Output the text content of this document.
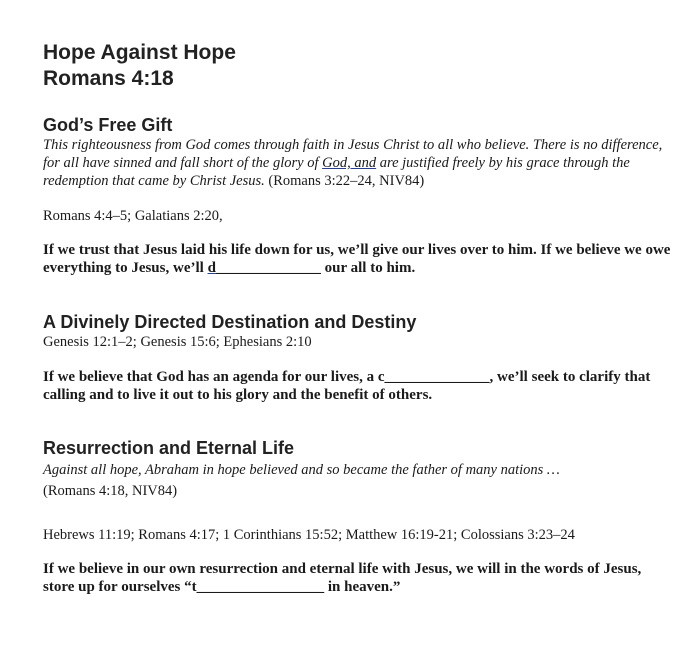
Hope Against Hope

Romans 4:18

God’s Free Gift

This righteousness from God comes through faith in Jesus Christ to all who believe. There is no difference, for all have sinned and fall short of the glory of God, and are justified freely by his grace through the redemption that came by Christ Jesus. (Romans 3:22–24, NIV84)

Romans 4:4–5; Galatians 2:20,

If we trust that Jesus laid his life down for us, we’ll give our lives over to him. If we believe we owe everything to Jesus, we’ll d______________ our all to him.

A Divinely Directed Destination and Destiny

Genesis 12:1–2; Genesis 15:6; Ephesians 2:10

If we believe that God has an agenda for our lives, a c______________, we’ll seek to clarify that calling and to live it out to his glory and the benefit of others.

Resurrection and Eternal Life

Against all hope, Abraham in hope believed and so became the father of many nations …

(Romans 4:18, NIV84)

Hebrews 11:19; Romans 4:17; 1 Corinthians 15:52; Matthew 16:19-21; Colossians 3:23–24

If we believe in our own resurrection and eternal life with Jesus, we will in the words of Jesus, store up for ourselves “t_________________ in heaven.”
